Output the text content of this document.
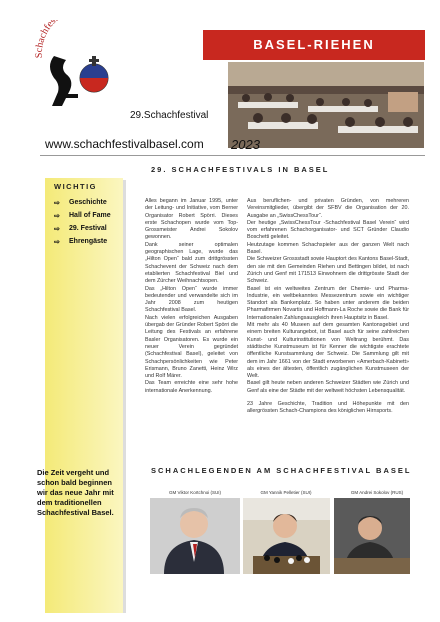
Schachfes
BASEL-RIEHEN
29.Schachfestival
www.schachfestivalbasel.com 2023
WICHTIG
⇨	Geschichte
⇨	Hall of Fame
⇨	29. Festival
⇨	Ehrengäste
Die Zeit vergeht und schon bald beginnen wir das neue Jahr mit dem traditionellen Schachfestival Basel.
29. SCHACHFESTIVALS IN BASEL

Alles begann im Januar 1995, unter der Leitung- und Initiative, vom Berner Organisator Robert Spörri. Dieses erste Schachopen wurde vom Top-Grossmeister Andrei Sokolov gewonnen.

Dank seiner optimalen geographischen Lage, wurde das „Hilton Open“ bald zum drittgrössten Schachevent der Schweiz nach dem etablierten Schachfestival Biel und dem Zürcher Weihnachtsopen.

Das „Hilton Open“ wurde immer bedeutender und verwandelte sich im Jahr 2008 zum heutigen Schachfestival Basel.

Nach vielen erfolgreichen Ausgaben übergab der Gründer Robert Spörri die Leitung des Festivals an erfahrene Basler Organisatoren. Es wurde ein neuer Verein gegründet (Schachfestival Basel), geleitet von Schachpersönlichkeiten wie Peter Erismann, Bruno Zanetti, Heinz Wirz und Rolf Märer.

Das Team erreichte eine sehr hohe internationale Anerkennung.

Aus beruflichen- und privaten Gründen, von mehreren Vereinsmitglieder, übergibt der SFBV die Organisation der 20. Ausgabe an „SwissChessTour“.

Der heutige „SwissChessTour -Schachfestival Basel Verein“ wird vom erfahrenen Schachorganisator- und SCT Gründer Claudio Boschetti geleitet.

Heutzutage kommen Schachspieler aus der ganzen Welt nach Basel.

Die Schweizer Grossstadt sowie Hauptort des Kantons Basel-Stadt, den sie mit den Gemeinden Riehen und Bettingen bildet, ist nach Zürich und Genf mit 171513 Einwohnern die drittgrösste Stadt der Schweiz.

Basel ist ein weltweites Zentrum der Chemie- und Pharma-Industrie, ein weltbekanntes Messezentrum sowie ein wichtiger Standort als Bankenplatz. So haben unter anderem die beiden Pharmafirmen Novartis und Hoffmann-La Roche sowie die Bank für Internationalen Zahlungsausgleich ihren Hauptsitz in Basel.

Mit mehr als 40 Museen auf dem gesamten Kantonsgebiet und einem breiten Kulturangebot, ist Basel auch für seine zahlreichen Kunst- und Kulturinstitutionen von Weltrang berühmt. Das städtische Kunstmuseum ist für Kenner die wichtigste erachtete öffentliche Kunstsammlung der Schweiz. Die Sammlung gilt mit dem im Jahr 1661 von der Stadt erworbenen «Amerbach-Kabinett» als eines der ältesten, öffentlich zugänglichen Kunstmuseen der Welt.

Basel gilt heute neben anderen Schweizer Städten wie Zürich und Genf als eine der Städte mit der weltweit höchsten Lebensqualität.

23 Jahre Geschichte, Tradition und Höhepunkte mit den allergrössten Schach-Champions des königlichen Hirnsports.

SCHACHLEGENDEN AM SCHACHFESTIVAL BASEL
GM Viktor Kortchnoi (SUI)	GM Yannik Pelletier (SUI)	GM Andrei Sokolov (RUS)
